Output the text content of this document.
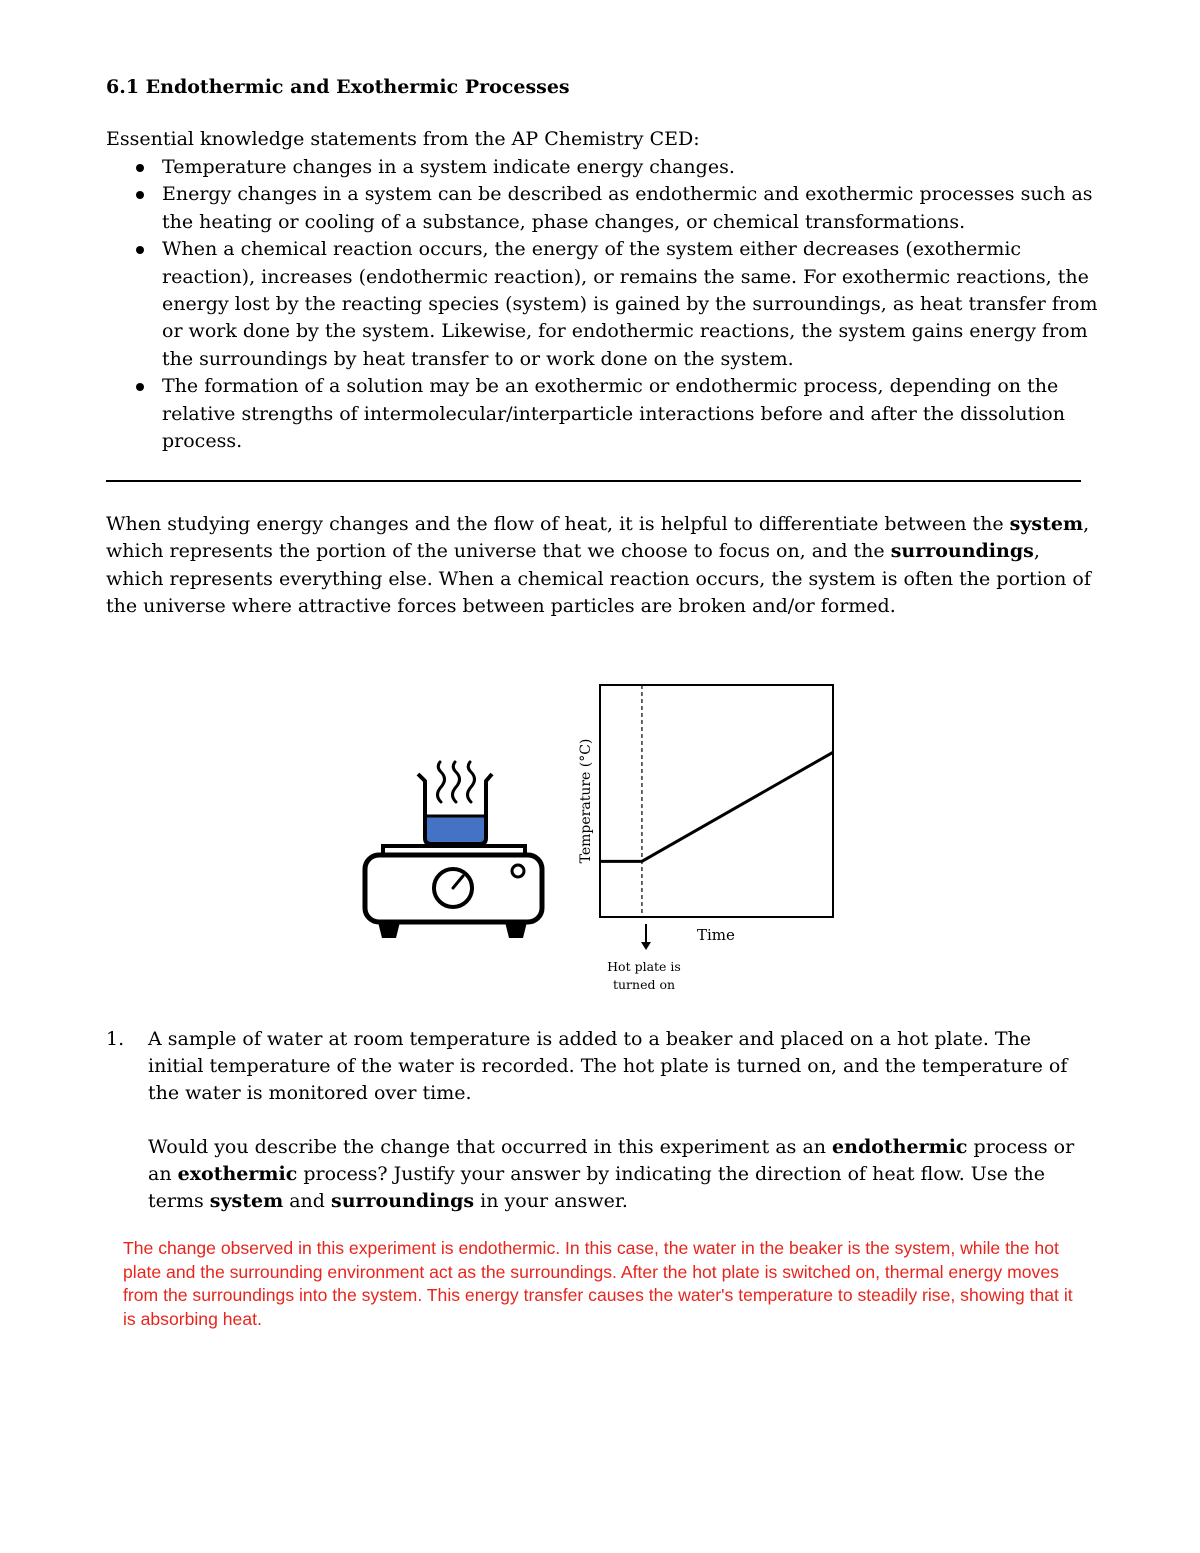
6.1 Endothermic and Exothermic Processes
Essential knowledge statements from the AP Chemistry CED:
Temperature changes in a system indicate energy changes.
Energy changes in a system can be described as endothermic and exothermic processes such as the heating or cooling of a substance, phase changes, or chemical transformations.
When a chemical reaction occurs, the energy of the system either decreases (exothermic reaction), increases (endothermic reaction), or remains the same. For exothermic reactions, the energy lost by the reacting species (system) is gained by the surroundings, as heat transfer from or work done by the system. Likewise, for endothermic reactions, the system gains energy from the surroundings by heat transfer to or work done on the system.
The formation of a solution may be an exothermic or endothermic process, depending on the relative strengths of intermolecular/interparticle interactions before and after the dissolution process.
When studying energy changes and the flow of heat, it is helpful to differentiate between the system, which represents the portion of the universe that we choose to focus on, and the surroundings, which represents everything else. When a chemical reaction occurs, the system is often the portion of the universe where attractive forces between particles are broken and/or formed.
Temperature (°C)
Time
Hot plate is
turned on
1. A sample of water at room temperature is added to a beaker and placed on a hot plate. The initial temperature of the water is recorded. The hot plate is turned on, and the temperature of the water is monitored over time.
Would you describe the change that occurred in this experiment as an endothermic process or an exothermic process? Justify your answer by indicating the direction of heat flow. Use the terms system and surroundings in your answer.
The change observed in this experiment is endothermic. In this case, the water in the beaker is the system, while the hot plate and the surrounding environment act as the surroundings. After the hot plate is switched on, thermal energy moves from the surroundings into the system. This energy transfer causes the water's temperature to steadily rise, showing that it is absorbing heat.
